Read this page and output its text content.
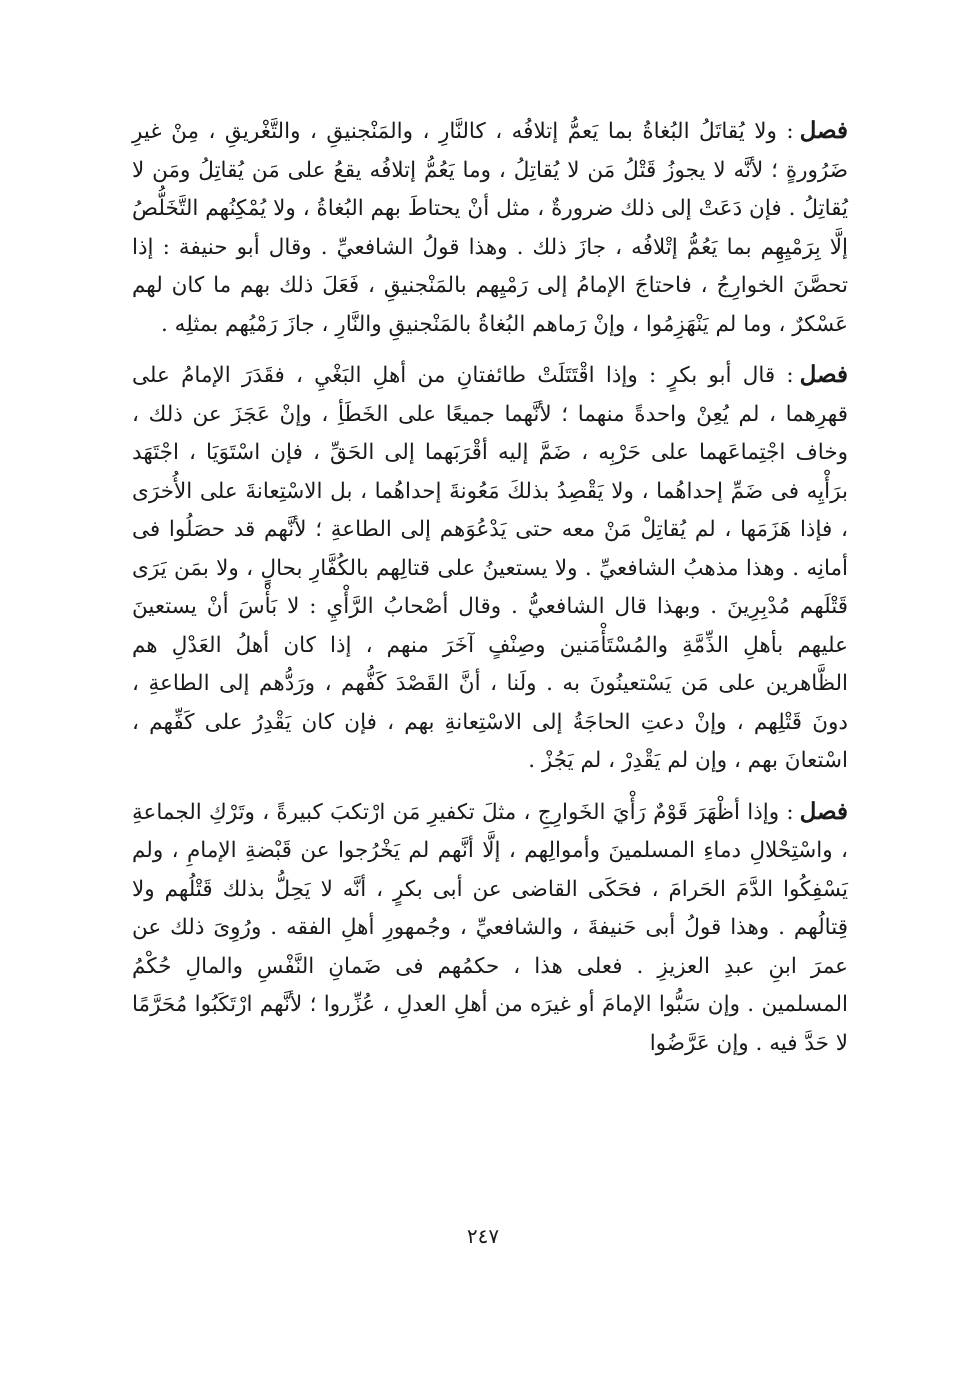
فصل: ولا يُقاتَلُ البُغاةُ بما يَعمُّ إتلافُه ، كالنَّارِ ، والمَنْجنيقِ ، والتَّغْريقِ ، مِنْ غيرِ ضَرُورةٍ ؛ لأنَّه لا يجوزُ قَتْلُ مَن لا يُقاتِلُ ، وما يَعُمُّ إتلافُه يقعُ على مَن يُقاتِلُ ومَن لا يُقاتِلُ . فإن دَعَتْ إلى ذلك ضرورةٌ ، مثل أنْ يحتاطَ بهم البُغاةُ ، ولا يُمْكِنُهم التَّخَلُّصُ إلَّا بِرَمْيِهِم بما يَعُمُّ إتْلافُه ، جازَ ذلك . وهذا قولُ الشافعيِّ . وقال أبو حنيفة : إذا تحصَّنَ الخوارِجُ ، فاحتاجَ الإمامُ إلى رَمْيِهم بالمَنْجنيقِ ، فَعَلَ ذلك بهم ما كان لهم عَسْكرٌ ، وما لم يَنْهَزِمُوا ، وإنْ رَماهم البُغاةُ بالمَنْجنيقِ والنَّارِ ، جازَ رَمْيُهم بمثلِه .

فصل: قال أبو بكرٍ : وإذا اقْتَتَلَتْ طائفتانِ من أهلِ البَغْيِ ، فقَدَرَ الإمامُ على قهرِهما ، لم يُعِنْ واحدةً منهما ؛ لأنَّهما جميعًا على الخَطَأِ ، وإنْ عَجَزَ عن ذلك ، وخاف اجْتِماعَهما على حَرْبِه ، ضَمَّ إليه أقْرَبَهما إلى الحَقِّ ، فإن اسْتَوَيَا ، اجْتَهَد برَأْيِه فى ضَمِّ إحداهُما ، ولا يَقْصِدُ بذلكَ مَعُونةَ إحداهُما ، بل الاسْتِعانةَ على الأُخرَى ، فإذا هَزَمَها ، لم يُقاتِلْ مَنْ معه حتى يَدْعُوَهم إلى الطاعةِ ؛ لأنَّهم قد حصَلُوا فى أمانِه . وهذا مذهبُ الشافعيِّ . ولا يستعينُ على قتالِهم بالكُفَّارِ بحالٍ ، ولا بمَن يَرَى قَتْلَهم مُدْبِرِينَ . وبهذا قال الشافعيُّ . وقال أصْحابُ الرَّأْيِ : لا بَأْسَ أنْ يستعينَ عليهم بأهلِ الذِّمَّةِ والمُسْتَأْمَنين وصِنْفٍ آخَرَ منهم ، إذا كان أهلُ العَدْلِ هم الظَّاهرين على مَن يَسْتعينُونَ به . ولَنا ، أنَّ القَصْدَ كَفُّهم ، ورَدُّهم إلى الطاعةِ ، دونَ قَتْلِهم ، وإنْ دعتِ الحاجَةُ إلى الاسْتِعانةِ بهم ، فإن كان يَقْدِرُ على كَفِّهم ، اسْتعانَ بهم ، وإن لم يَقْدِرْ ، لم يَجُزْ .

فصل: وإذا أظْهَرَ قَوْمٌ رَأْيَ الخَوارِجِ ، مثلَ تكفيرِ مَن ارْتكبَ كبيرةً ، وتَرْكِ الجماعةِ ، واسْتِحْلالِ دماءِ المسلمينَ وأموالِهم ، إلَّا أنَّهم لم يَخْرُجوا عن قَبْضةِ الإمامِ ، ولم يَسْفِكُوا الدَّمَ الحَرامَ ، فحَكَى القاضى عن أبى بكرٍ ، أنَّه لا يَحِلُّ بذلك قَتْلُهم ولا قِتالُهم . وهذا قولُ أبى حَنيفةَ ، والشافعيِّ ، وجُمهورِ أهلِ الفقه . ورُوِىَ ذلك عن عمرَ ابنِ عبدِ العزيزِ . فعلى هذا ، حكمُهم فى ضَمانِ النَّفْسِ والمالِ حُكْمُ المسلمين . وإن سَبُّوا الإمامَ أو غيرَه من أهلِ العدلِ ، عُزِّروا ؛ لأنَّهم ارْتَكَبُوا مُحَرَّمًا لا حَدَّ فيه . وإن عَرَّضُوا

٢٤٧
